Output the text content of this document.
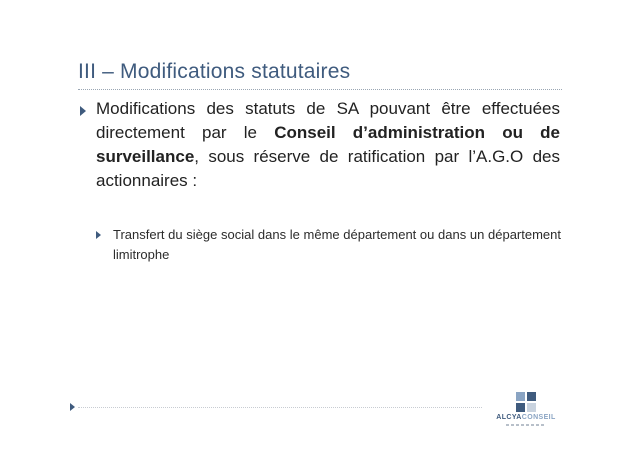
III – Modifications statutaires
Modifications des statuts de SA pouvant être effectuées directement par le Conseil d’administration ou de surveillance, sous réserve de ratification par l’A.G.O des actionnaires :
Transfert du siège social dans le même département ou dans un département limitrophe
ALCYACONSEIL
